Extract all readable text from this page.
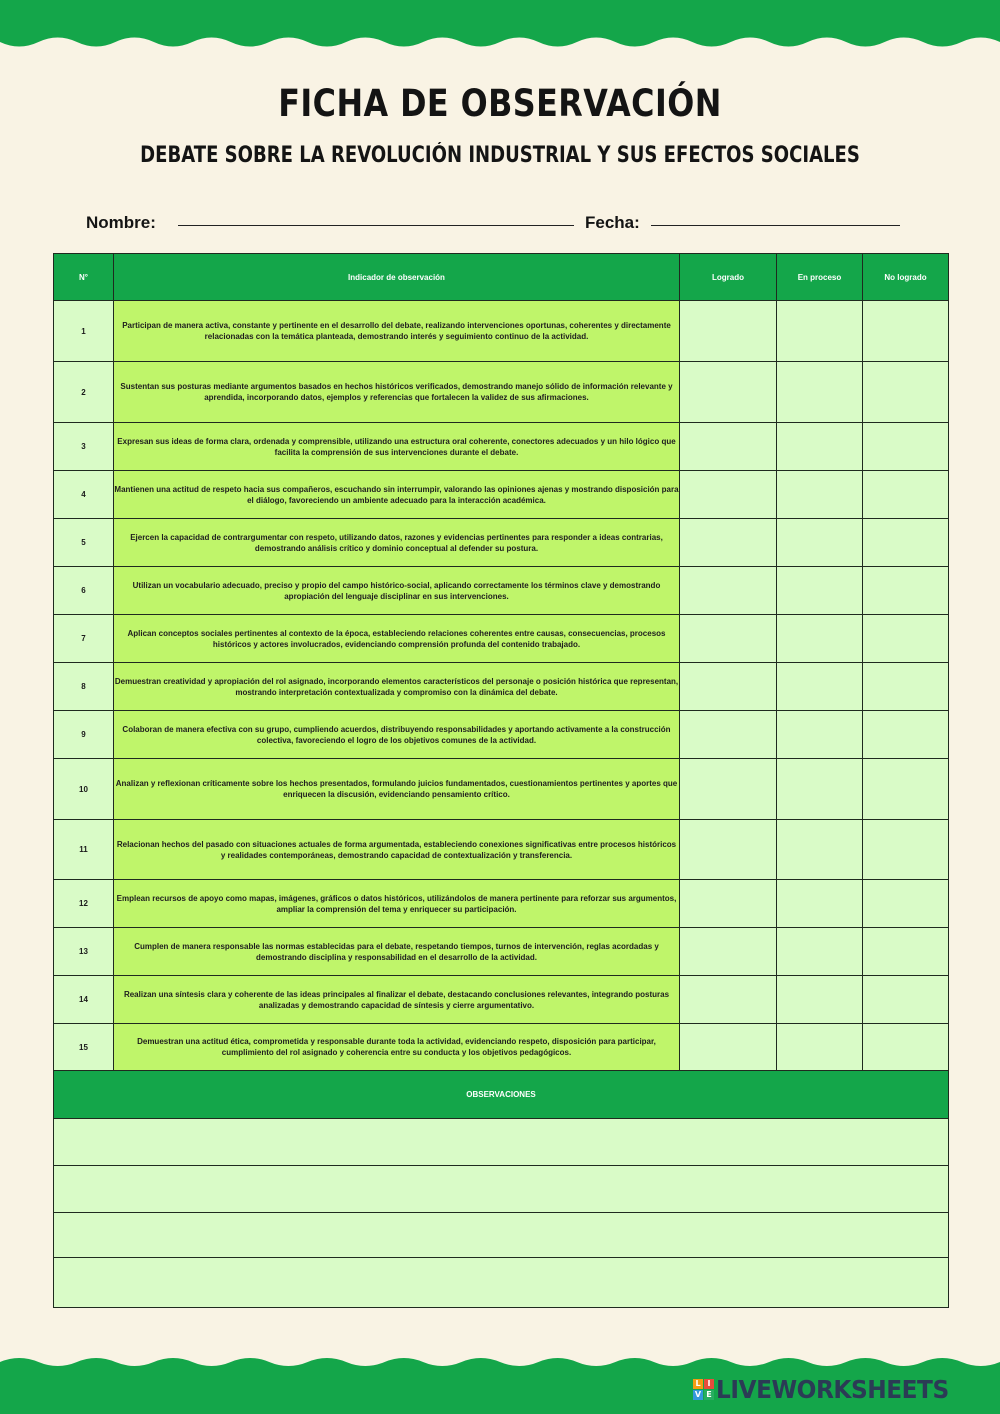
FICHA DE OBSERVACIÓN
DEBATE SOBRE LA REVOLUCIÓN INDUSTRIAL Y SUS EFECTOS SOCIALES
Nombre:	Fecha:
N°	Indicador de observación	Logrado	En proceso	No logrado
1	Participan de manera activa, constante y pertinente en el desarrollo del debate, realizando intervenciones oportunas, coherentes y directamente relacionadas con la temática planteada, demostrando interés y seguimiento continuo de la actividad.			
2	Sustentan sus posturas mediante argumentos basados en hechos históricos verificados, demostrando manejo sólido de información relevante y aprendida, incorporando datos, ejemplos y referencias que fortalecen la validez de sus afirmaciones.			
3	Expresan sus ideas de forma clara, ordenada y comprensible, utilizando una estructura oral coherente, conectores adecuados y un hilo lógico que facilita la comprensión de sus intervenciones durante el debate.			
4	Mantienen una actitud de respeto hacia sus compañeros, escuchando sin interrumpir, valorando las opiniones ajenas y mostrando disposición para el diálogo, favoreciendo un ambiente adecuado para la interacción académica.			
5	Ejercen la capacidad de contrargumentar con respeto, utilizando datos, razones y evidencias pertinentes para responder a ideas contrarias, demostrando análisis crítico y dominio conceptual al defender su postura.			
6	Utilizan un vocabulario adecuado, preciso y propio del campo histórico-social, aplicando correctamente los términos clave y demostrando apropiación del lenguaje disciplinar en sus intervenciones.			
7	Aplican conceptos sociales pertinentes al contexto de la época, estableciendo relaciones coherentes entre causas, consecuencias, procesos históricos y actores involucrados, evidenciando comprensión profunda del contenido trabajado.			
8	Demuestran creatividad y apropiación del rol asignado, incorporando elementos característicos del personaje o posición histórica que representan, mostrando interpretación contextualizada y compromiso con la dinámica del debate.			
9	Colaboran de manera efectiva con su grupo, cumpliendo acuerdos, distribuyendo responsabilidades y aportando activamente a la construcción colectiva, favoreciendo el logro de los objetivos comunes de la actividad.			
10	Analizan y reflexionan críticamente sobre los hechos presentados, formulando juicios fundamentados, cuestionamientos pertinentes y aportes que enriquecen la discusión, evidenciando pensamiento crítico.			
11	Relacionan hechos del pasado con situaciones actuales de forma argumentada, estableciendo conexiones significativas entre procesos históricos y realidades contemporáneas, demostrando capacidad de contextualización y transferencia.			
12	Emplean recursos de apoyo como mapas, imágenes, gráficos o datos históricos, utilizándolos de manera pertinente para reforzar sus argumentos, ampliar la comprensión del tema y enriquecer su participación.			
13	Cumplen de manera responsable las normas establecidas para el debate, respetando tiempos, turnos de intervención, reglas acordadas y demostrando disciplina y responsabilidad en el desarrollo de la actividad.			
14	Realizan una síntesis clara y coherente de las ideas principales al finalizar el debate, destacando conclusiones relevantes, integrando posturas analizadas y demostrando capacidad de síntesis y cierre argumentativo.			
15	Demuestran una actitud ética, comprometida y responsable durante toda la actividad, evidenciando respeto, disposición para participar, cumplimiento del rol asignado y coherencia entre su conducta y los objetivos pedagógicos.			
OBSERVACIONES				

L I
V E LIVEWORKSHEETS
